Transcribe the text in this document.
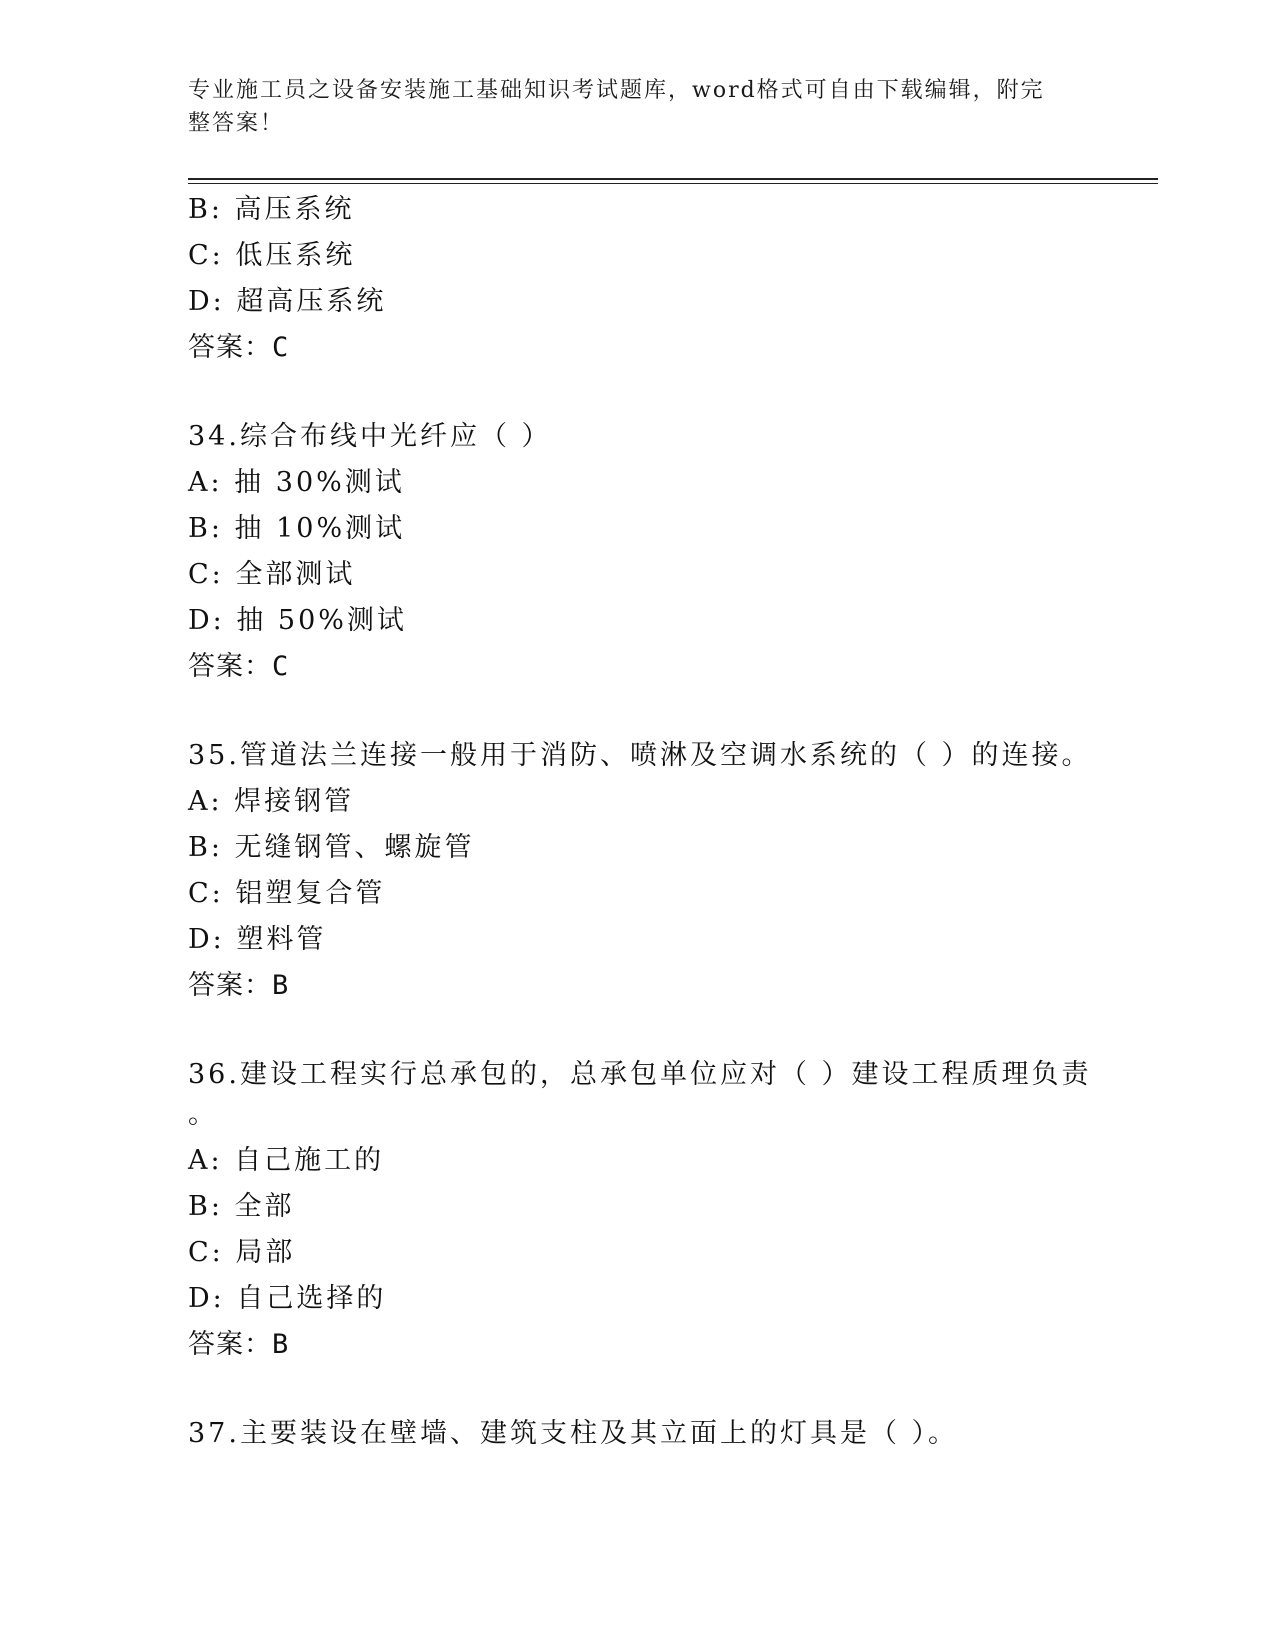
专业施工员之设备安装施工基础知识考试题库，word格式可自由下载编辑，附完整答案！
B: 高压系统
C: 低压系统
D: 超高压系统
答案：C
34.综合布线中光纤应（ ）
A: 抽 30%测试
B: 抽 10%测试
C: 全部测试
D: 抽 50%测试
答案：C
35.管道法兰连接一般用于消防、喷淋及空调水系统的（ ）的连接。
A: 焊接钢管
B: 无缝钢管、螺旋管
C: 铝塑复合管
D: 塑料管
答案：B
36.建设工程实行总承包的，总承包单位应对（ ）建设工程质理负责
。
A: 自己施工的
B: 全部
C: 局部
D: 自己选择的
答案：B
37.主要装设在壁墙、建筑支柱及其立面上的灯具是（ ）。
